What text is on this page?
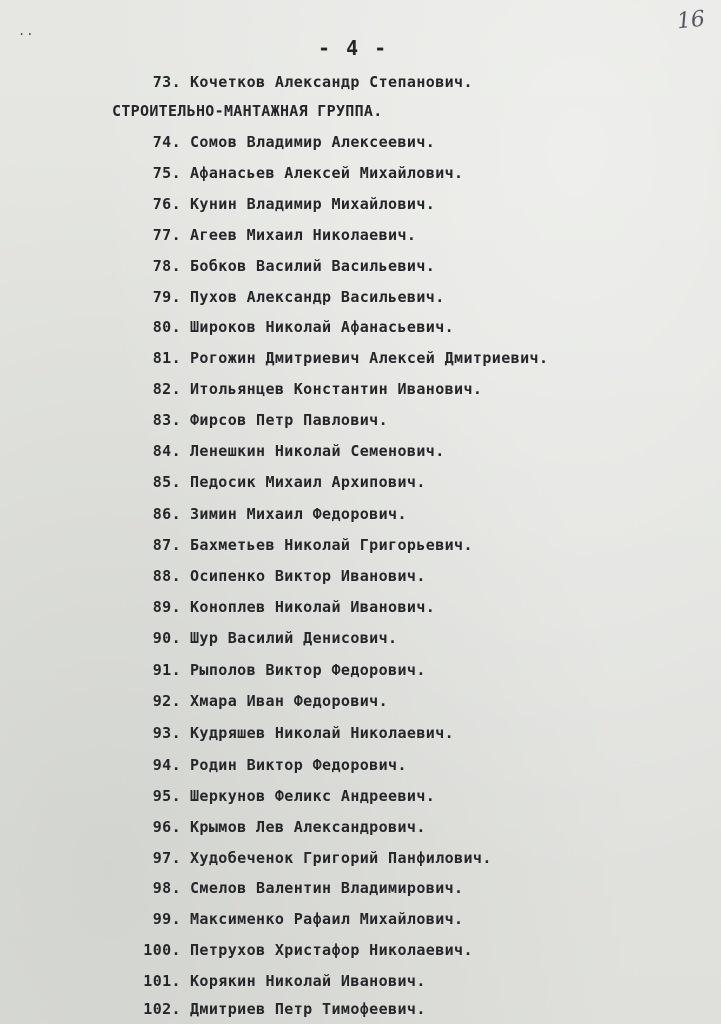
..	16
- 4 -
73. Кочетков Александр Степанович.
СТРОИТЕЛЬНО-МАНТАЖНАЯ ГРУППА.
74. Сомов Владимир Алексеевич.
75. Афанасьев Алексей Михайлович.
76. Кунин Владимир Михайлович.
77. Агеев Михаил Николаевич.
78. Бобков Василий Васильевич.
79. Пухов Александр Васильевич.
80. Широков Николай Афанасьевич.
81. Рогожин Дмитриевич Алексей Дмитриевич.
82. Итольянцев Константин Иванович.
83. Фирсов Петр Павлович.
84. Ленешкин Николай Семенович.
85. Педосик Михаил Архипович.
86. Зимин Михаил Федорович.
87. Бахметьев Николай Григорьевич.
88. Осипенко Виктор Иванович.
89. Коноплев Николай Иванович.
90. Шур Василий Денисович.
91. Рыполов Виктор Федорович.
92. Хмара Иван Федорович.
93. Кудряшев Николай Николаевич.
94. Родин Виктор Федорович.
95. Шеркунов Феликс Андреевич.
96. Крымов Лев Александрович.
97. Худобеченок Григорий Панфилович.
98. Смелов Валентин Владимирович.
99. Максименко Рафаил Михайлович.
100. Петрухов Христафор Николаевич.
101. Корякин Николай Иванович.
102. Дмитриев Петр Тимофеевич.
